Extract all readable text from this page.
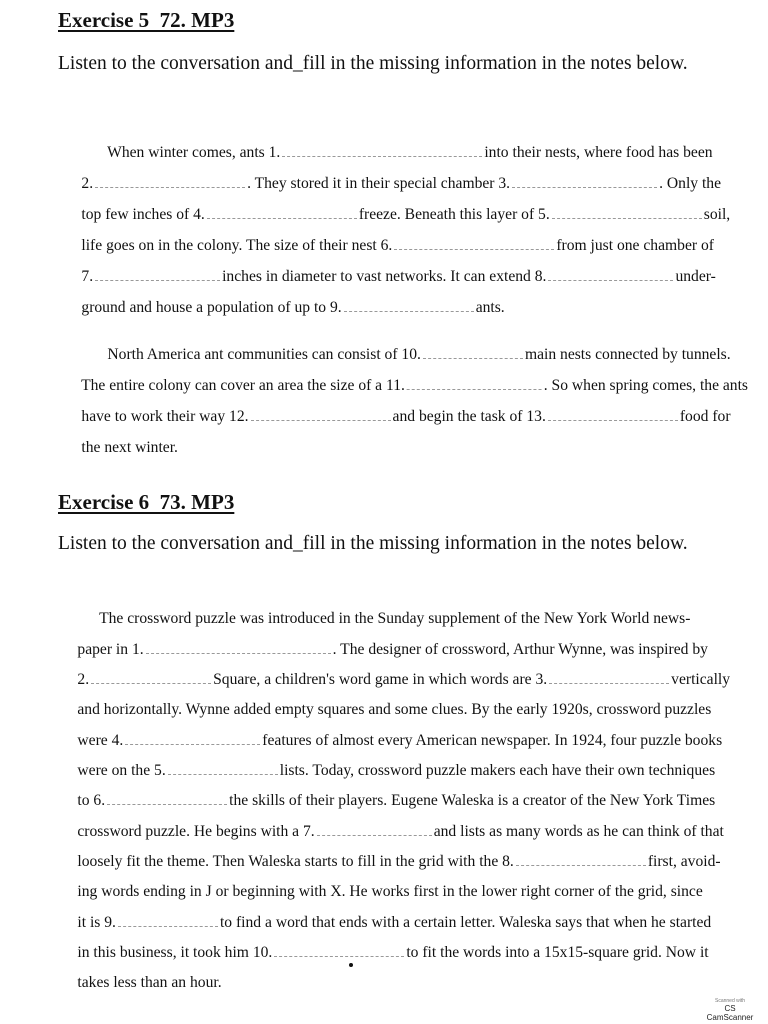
Exercise 5  72. MP3
Listen to the conversation and_fill in the missing information in the notes below.

When winter comes, ants 1.	into their nests, where food has been

2.	. They stored it in their special chamber 3.	. Only the

top few inches of 4.	freeze. Beneath this layer of 5.	soil,

life goes on in the colony. The size of their nest 6.	from just one chamber of

7.	inches in diameter to vast networks. It can extend 8.	under-

ground and house a population of up to 9.	ants.

North America ant communities can consist of 10.	main nests connected by tunnels.

The entire colony can cover an area the size of a 11.	. So when spring comes, the ants

have to work their way 12.	and begin the task of 13.	food for

the next winter.

Exercise 6  73. MP3
Listen to the conversation and_fill in the missing information in the notes below.

The crossword puzzle was introduced in the Sunday supplement of the New York World news-

paper in 1.	. The designer of crossword, Arthur Wynne, was inspired by

2.	Square, a children's word game in which words are 3.	vertically

and horizontally. Wynne added empty squares and some clues. By the early 1920s, crossword puzzles

were 4.	features of almost every American newspaper. In 1924, four puzzle books

were on the 5.	lists. Today, crossword puzzle makers each have their own techniques

to 6.	the skills of their players. Eugene Waleska is a creator of the New York Times

crossword puzzle. He begins with a 7.	and lists as many words as he can think of that

loosely fit the theme. Then Waleska starts to fill in the grid with the 8.	first, avoid-

ing words ending in J or beginning with X. He works first in the lower right corner of the grid, since

it is 9.	to find a word that ends with a certain letter. Waleska says that when he started

in this business, it took him 10.	to fit the words into a 15x15-square grid. Now it

takes less than an hour.

Scanned with
CS CamScanner
